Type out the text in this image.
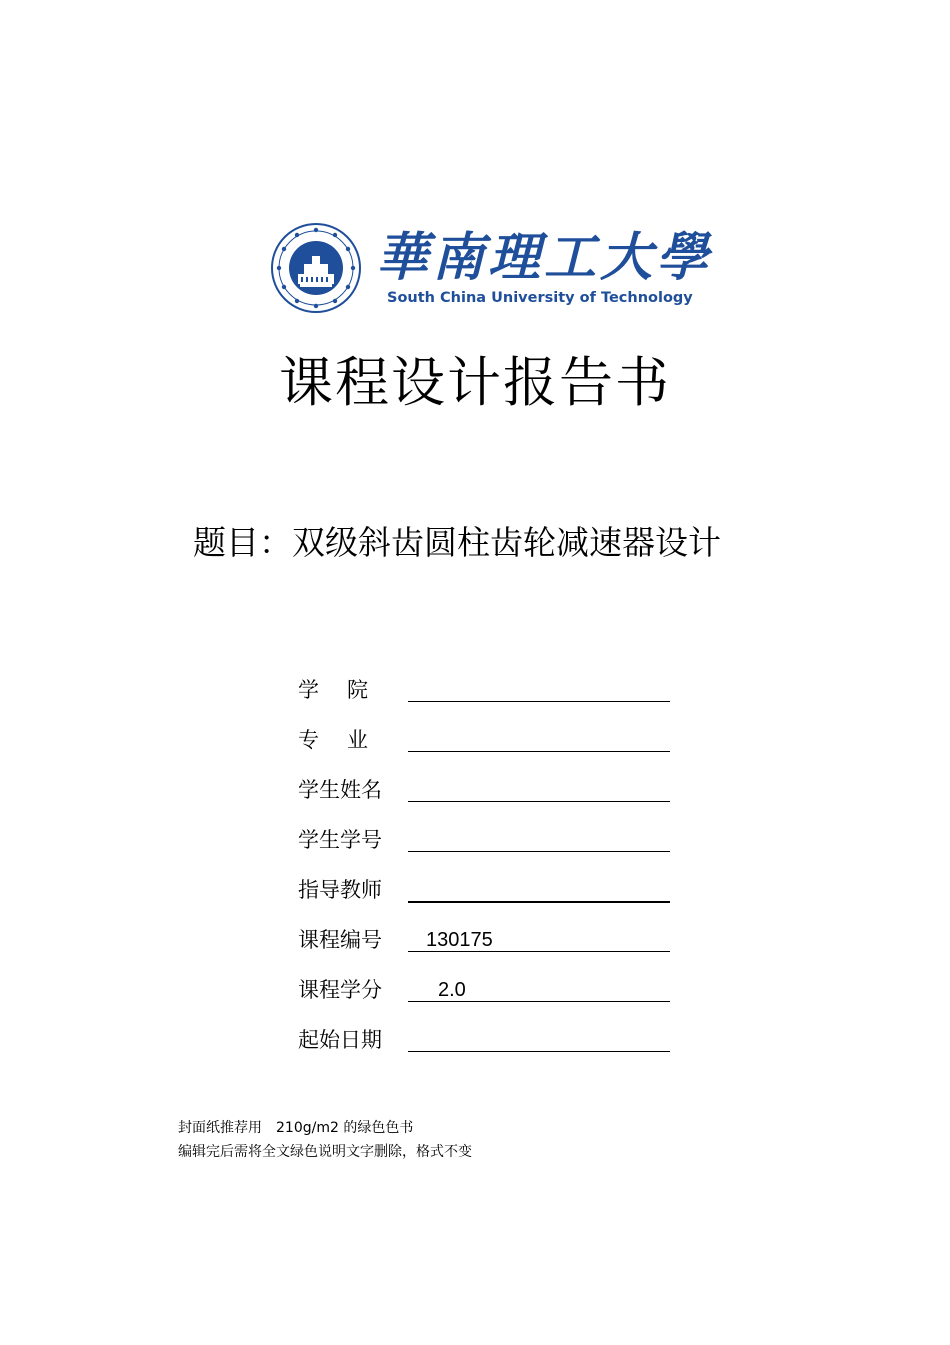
華南理工大學
South China University of Technology
课程设计报告书
题目：双级斜齿圆柱齿轮减速器设计
学院
专业
学生姓名
学生学号
指导教师
课程编号	130175
课程学分	2.0
起始日期
封面纸推荐用　210g/m2 的绿色色书
编辑完后需将全文绿色说明文字删除，格式不变
